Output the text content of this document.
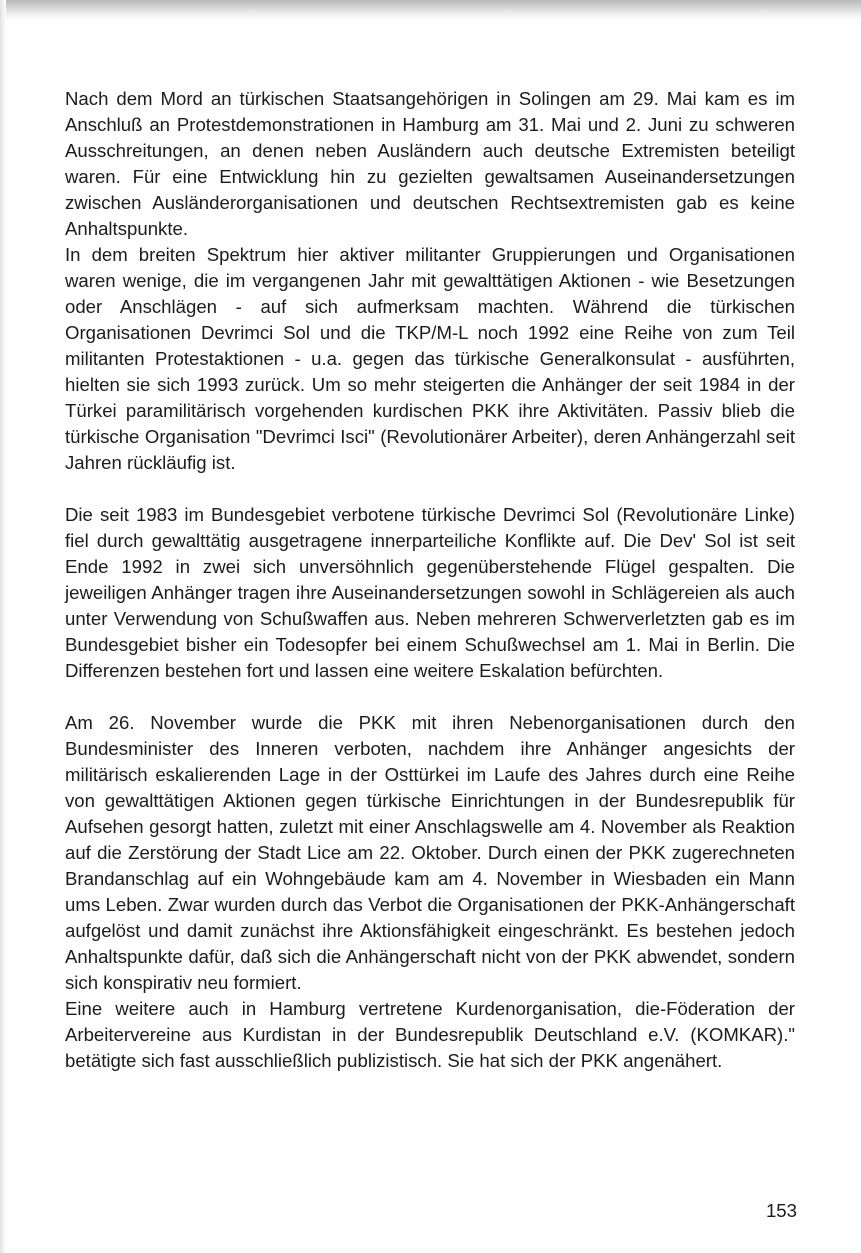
Nach dem Mord an türkischen Staatsangehörigen in Solingen am 29. Mai kam es im Anschluß an Protestdemonstrationen in Hamburg am 31. Mai und 2. Juni zu schweren Ausschreitungen, an denen neben Ausländern auch deutsche Extremisten beteiligt waren. Für eine Entwicklung hin zu gezielten gewaltsamen Auseinandersetzungen zwischen Ausländerorganisationen und deutschen Rechtsextremisten gab es keine Anhaltspunkte.

In dem breiten Spektrum hier aktiver militanter Gruppierungen und Organisationen waren wenige, die im vergangenen Jahr mit gewalttätigen Aktionen - wie Besetzungen oder Anschlägen - auf sich aufmerksam machten. Während die türkischen Organisationen Devrimci Sol und die TKP/M-L noch 1992 eine Reihe von zum Teil militanten Protestaktionen - u.a. gegen das türkische Generalkonsulat - ausführten, hielten sie sich 1993 zurück. Um so mehr steigerten die Anhänger der seit 1984 in der Türkei paramilitärisch vorgehenden kurdischen PKK ihre Aktivitäten. Passiv blieb die türkische Organisation "Devrimci Isci" (Revolutionärer Arbeiter), deren Anhängerzahl seit Jahren rückläufig ist.

Die seit 1983 im Bundesgebiet verbotene türkische Devrimci Sol (Revolutionäre Linke) fiel durch gewalttätig ausgetragene innerparteiliche Konflikte auf. Die Dev' Sol ist seit Ende 1992 in zwei sich unversöhnlich gegenüberstehende Flügel gespalten. Die jeweiligen Anhänger tragen ihre Auseinandersetzungen sowohl in Schlägereien als auch unter Verwendung von Schußwaffen aus. Neben mehreren Schwerverletzten gab es im Bundesgebiet bisher ein Todesopfer bei einem Schußwechsel am 1. Mai in Berlin. Die Differenzen bestehen fort und lassen eine weitere Eskalation befürchten.

Am 26. November wurde die PKK mit ihren Nebenorganisationen durch den Bundesminister des Inneren verboten, nachdem ihre Anhänger angesichts der militärisch eskalierenden Lage in der Osttürkei im Laufe des Jahres durch eine Reihe von gewalttätigen Aktionen gegen türkische Einrichtungen in der Bundesrepublik für Aufsehen gesorgt hatten, zuletzt mit einer Anschlagswelle am 4. November als Reaktion auf die Zerstörung der Stadt Lice am 22. Oktober. Durch einen der PKK zugerechneten Brandanschlag auf ein Wohngebäude kam am 4. November in Wiesbaden ein Mann ums Leben. Zwar wurden durch das Verbot die Organisationen der PKK-Anhängerschaft aufgelöst und damit zunächst ihre Aktionsfähigkeit eingeschränkt. Es bestehen jedoch Anhaltspunkte dafür, daß sich die Anhängerschaft nicht von der PKK abwendet, sondern sich konspirativ neu formiert.

Eine weitere auch in Hamburg vertretene Kurdenorganisation, die-Föderation der Arbeitervereine aus Kurdistan in der Bundesrepublik Deutschland e.V. (KOMKAR)." betätigte sich fast ausschließlich publizistisch. Sie hat sich der PKK angenähert.

153
